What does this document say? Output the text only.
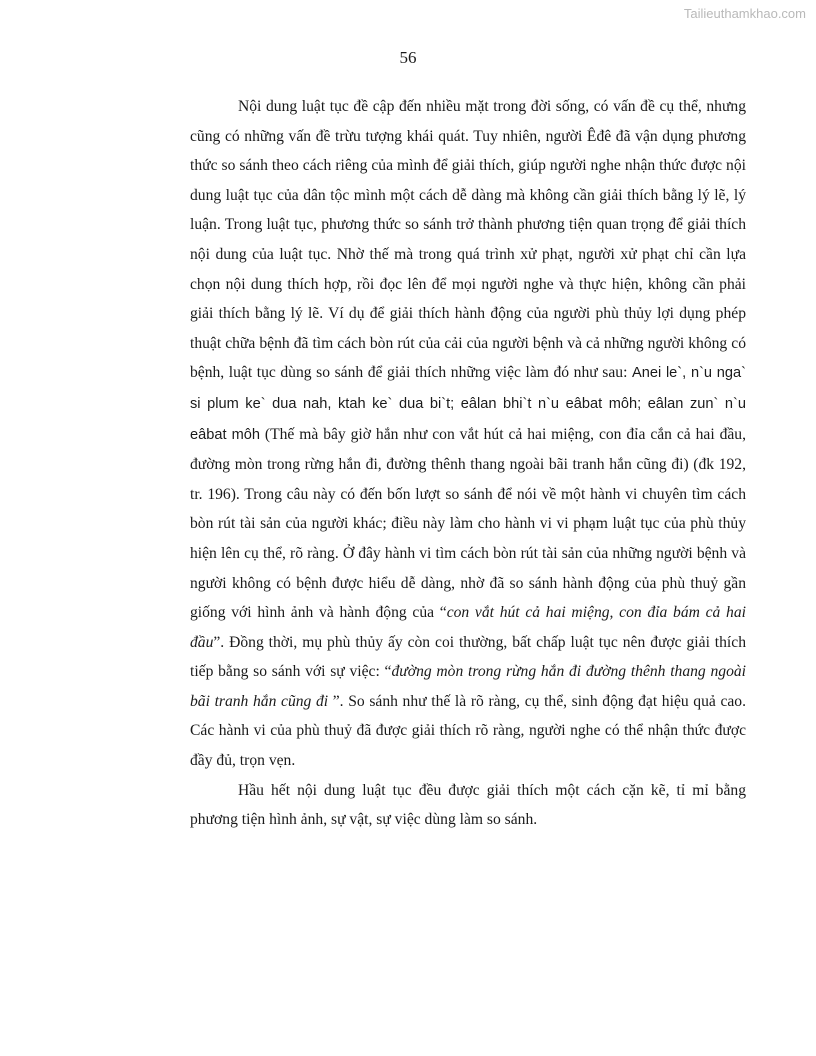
Tailieuthamkhao.com
56

Nội dung luật tục đề cập đến nhiều mặt trong đời sống, có vấn đề cụ thể, nhưng cũng có những vấn đề trừu tượng khái quát. Tuy nhiên, người Êđê đã vận dụng phương thức so sánh theo cách riêng của mình để giải thích, giúp người nghe nhận thức được nội dung luật tục của dân tộc mình một cách dễ dàng mà không cần giải thích bằng lý lẽ, lý luận. Trong luật tục, phương thức so sánh trở thành phương tiện quan trọng để giải thích nội dung của luật tục. Nhờ thế mà trong quá trình xử phạt, người xử phạt chỉ cần lựa chọn nội dung thích hợp, rồi đọc lên để mọi người nghe và thực hiện, không cần phải giải thích bằng lý lẽ. Ví dụ để giải thích hành động của người phù thủy lợi dụng phép thuật chữa bệnh đã tìm cách bòn rút của cải của người bệnh và cả những người không có bệnh, luật tục dùng so sánh để giải thích những việc làm đó như sau: Anei le`, n`u nga` si plum ke` dua nah, ktah ke` dua bi`t; eâlan bhi`t n`u eâbat môh; eâlan zun` n`u eâbat môh (Thế mà bây giờ hắn như con vắt hút cả hai miệng, con đỉa cắn cả hai đầu, đường mòn trong rừng hắn đi, đường thênh thang ngoài bãi tranh hắn cũng đi) (đk 192, tr. 196). Trong câu này có đến bốn lượt so sánh để nói về một hành vi chuyên tìm cách bòn rút tài sản của người khác; điều này làm cho hành vi vi phạm luật tục của phù thủy hiện lên cụ thể, rõ ràng. Ở đây hành vi tìm cách bòn rút tài sản của những người bệnh và người không có bệnh được hiểu dễ dàng, nhờ đã so sánh hành động của phù thuỷ gần giống với hình ảnh và hành động của “con vắt hút cả hai miệng, con đỉa bám cả hai đầu”. Đồng thời, mụ phù thủy ấy còn coi thường, bất chấp luật tục nên được giải thích tiếp bằng so sánh với sự việc: “đường mòn trong rừng hắn đi đường thênh thang ngoài bãi tranh hắn cũng đi ”. So sánh như thế là rõ ràng, cụ thể, sinh động đạt hiệu quả cao. Các hành vi của phù thuỷ đã được giải thích rõ ràng, người nghe có thể nhận thức được đầy đủ, trọn vẹn.

Hầu hết nội dung luật tục đều được giải thích một cách cặn kẽ, tỉ mỉ bằng phương tiện hình ảnh, sự vật, sự việc dùng làm so sánh.
